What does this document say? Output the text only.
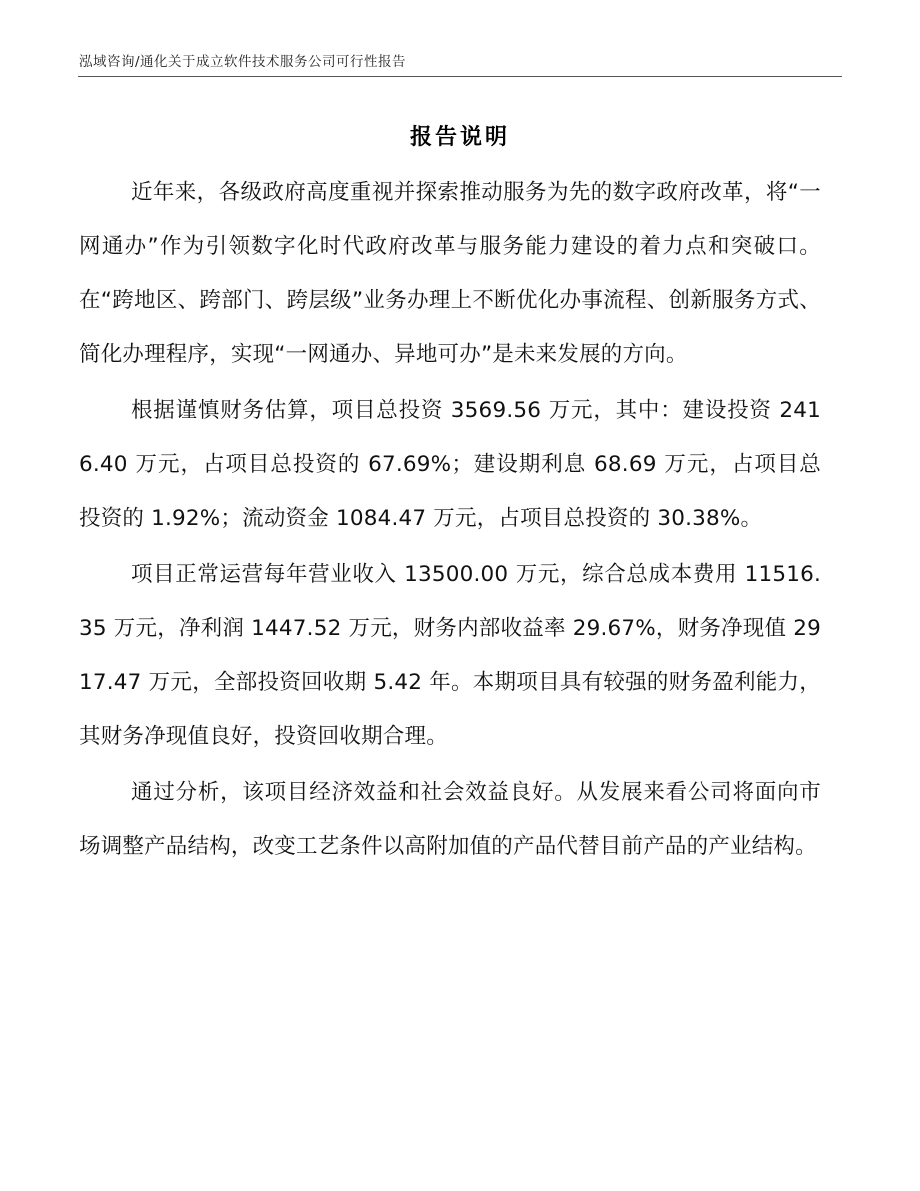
泓域咨询/通化关于成立软件技术服务公司可行性报告
报告说明

近年来，各级政府高度重视并探索推动服务为先的数字政府改革，将“一网通办”作为引领数字化时代政府改革与服务能力建设的着力点和突破口。在“跨地区、跨部门、跨层级”业务办理上不断优化办事流程、创新服务方式、简化办理程序，实现“一网通办、异地可办”是未来发展的方向。

根据谨慎财务估算，项目总投资 3569.56 万元，其中：建设投资 2416.40 万元，占项目总投资的 67.69%；建设期利息 68.69 万元，占项目总投资的 1.92%；流动资金 1084.47 万元，占项目总投资的 30.38%。

项目正常运营每年营业收入 13500.00 万元，综合总成本费用 11516.35 万元，净利润 1447.52 万元，财务内部收益率 29.67%，财务净现值 2917.47 万元，全部投资回收期 5.42 年。本期项目具有较强的财务盈利能力，其财务净现值良好，投资回收期合理。

通过分析，该项目经济效益和社会效益良好。从发展来看公司将面向市场调整产品结构，改变工艺条件以高附加值的产品代替目前产品的产业结构。
